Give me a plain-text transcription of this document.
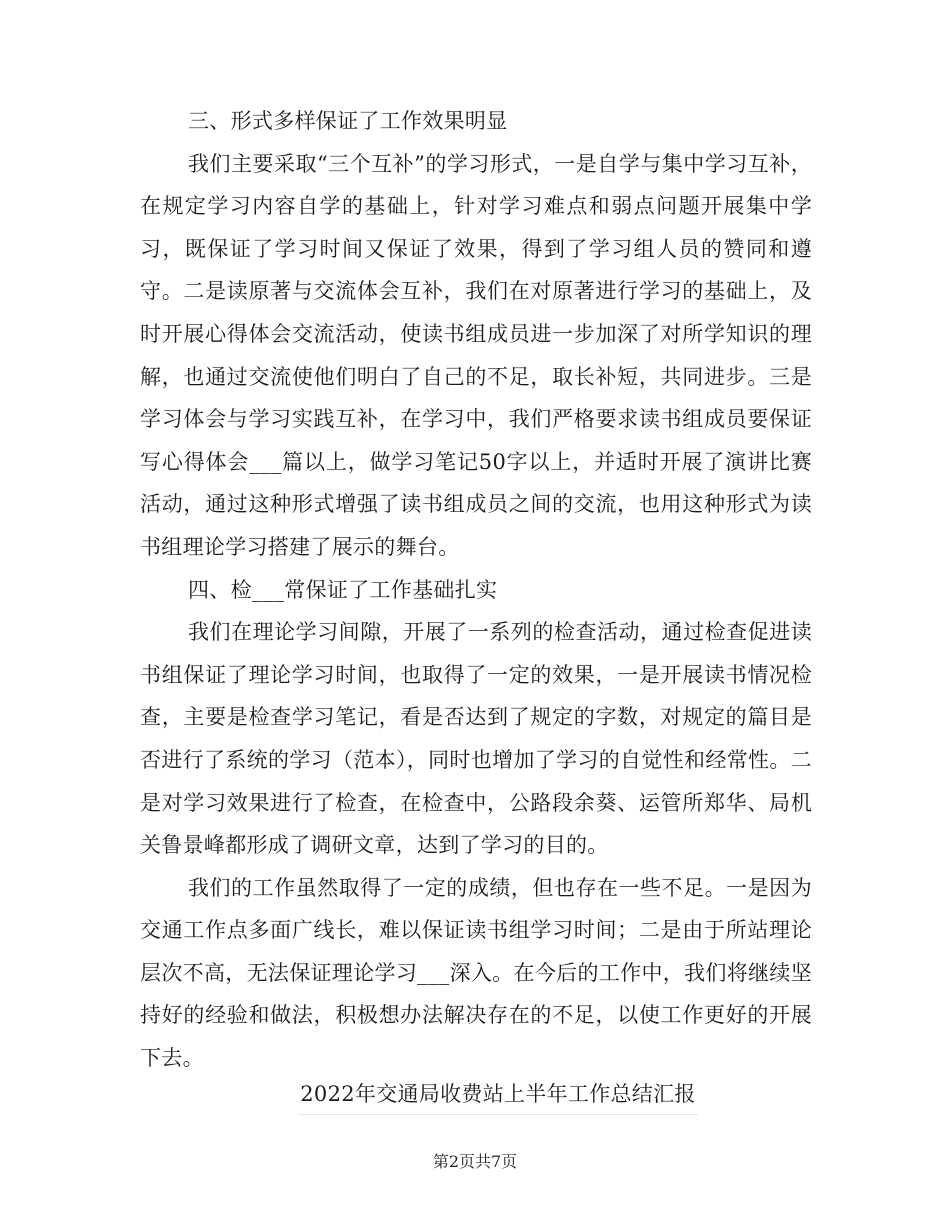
三、形式多样保证了工作效果明显

我们主要采取“三个互补”的学习形式，一是自学与集中学习互补，在规定学习内容自学的基础上，针对学习难点和弱点问题开展集中学习，既保证了学习时间又保证了效果，得到了学习组人员的赞同和遵守。二是读原著与交流体会互补，我们在对原著进行学习的基础上，及时开展心得体会交流活动，使读书组成员进一步加深了对所学知识的理解，也通过交流使他们明白了自己的不足，取长补短，共同进步。三是学习体会与学习实践互补，在学习中，我们严格要求读书组成员要保证写心得体会___篇以上，做学习笔记50字以上，并适时开展了演讲比赛活动，通过这种形式增强了读书组成员之间的交流，也用这种形式为读书组理论学习搭建了展示的舞台。

四、检___常保证了工作基础扎实

我们在理论学习间隙，开展了一系列的检查活动，通过检查促进读书组保证了理论学习时间，也取得了一定的效果，一是开展读书情况检查，主要是检查学习笔记，看是否达到了规定的字数，对规定的篇目是否进行了系统的学习（范本），同时也增加了学习的自觉性和经常性。二是对学习效果进行了检查，在检查中，公路段余葵、运管所郑华、局机关鲁景峰都形成了调研文章，达到了学习的目的。

我们的工作虽然取得了一定的成绩，但也存在一些不足。一是因为交通工作点多面广线长，难以保证读书组学习时间；二是由于所站理论层次不高，无法保证理论学习___深入。在今后的工作中，我们将继续坚持好的经验和做法，积极想办法解决存在的不足，以使工作更好的开展下去。

2022年交通局收费站上半年工作总结汇报
第2页共7页
